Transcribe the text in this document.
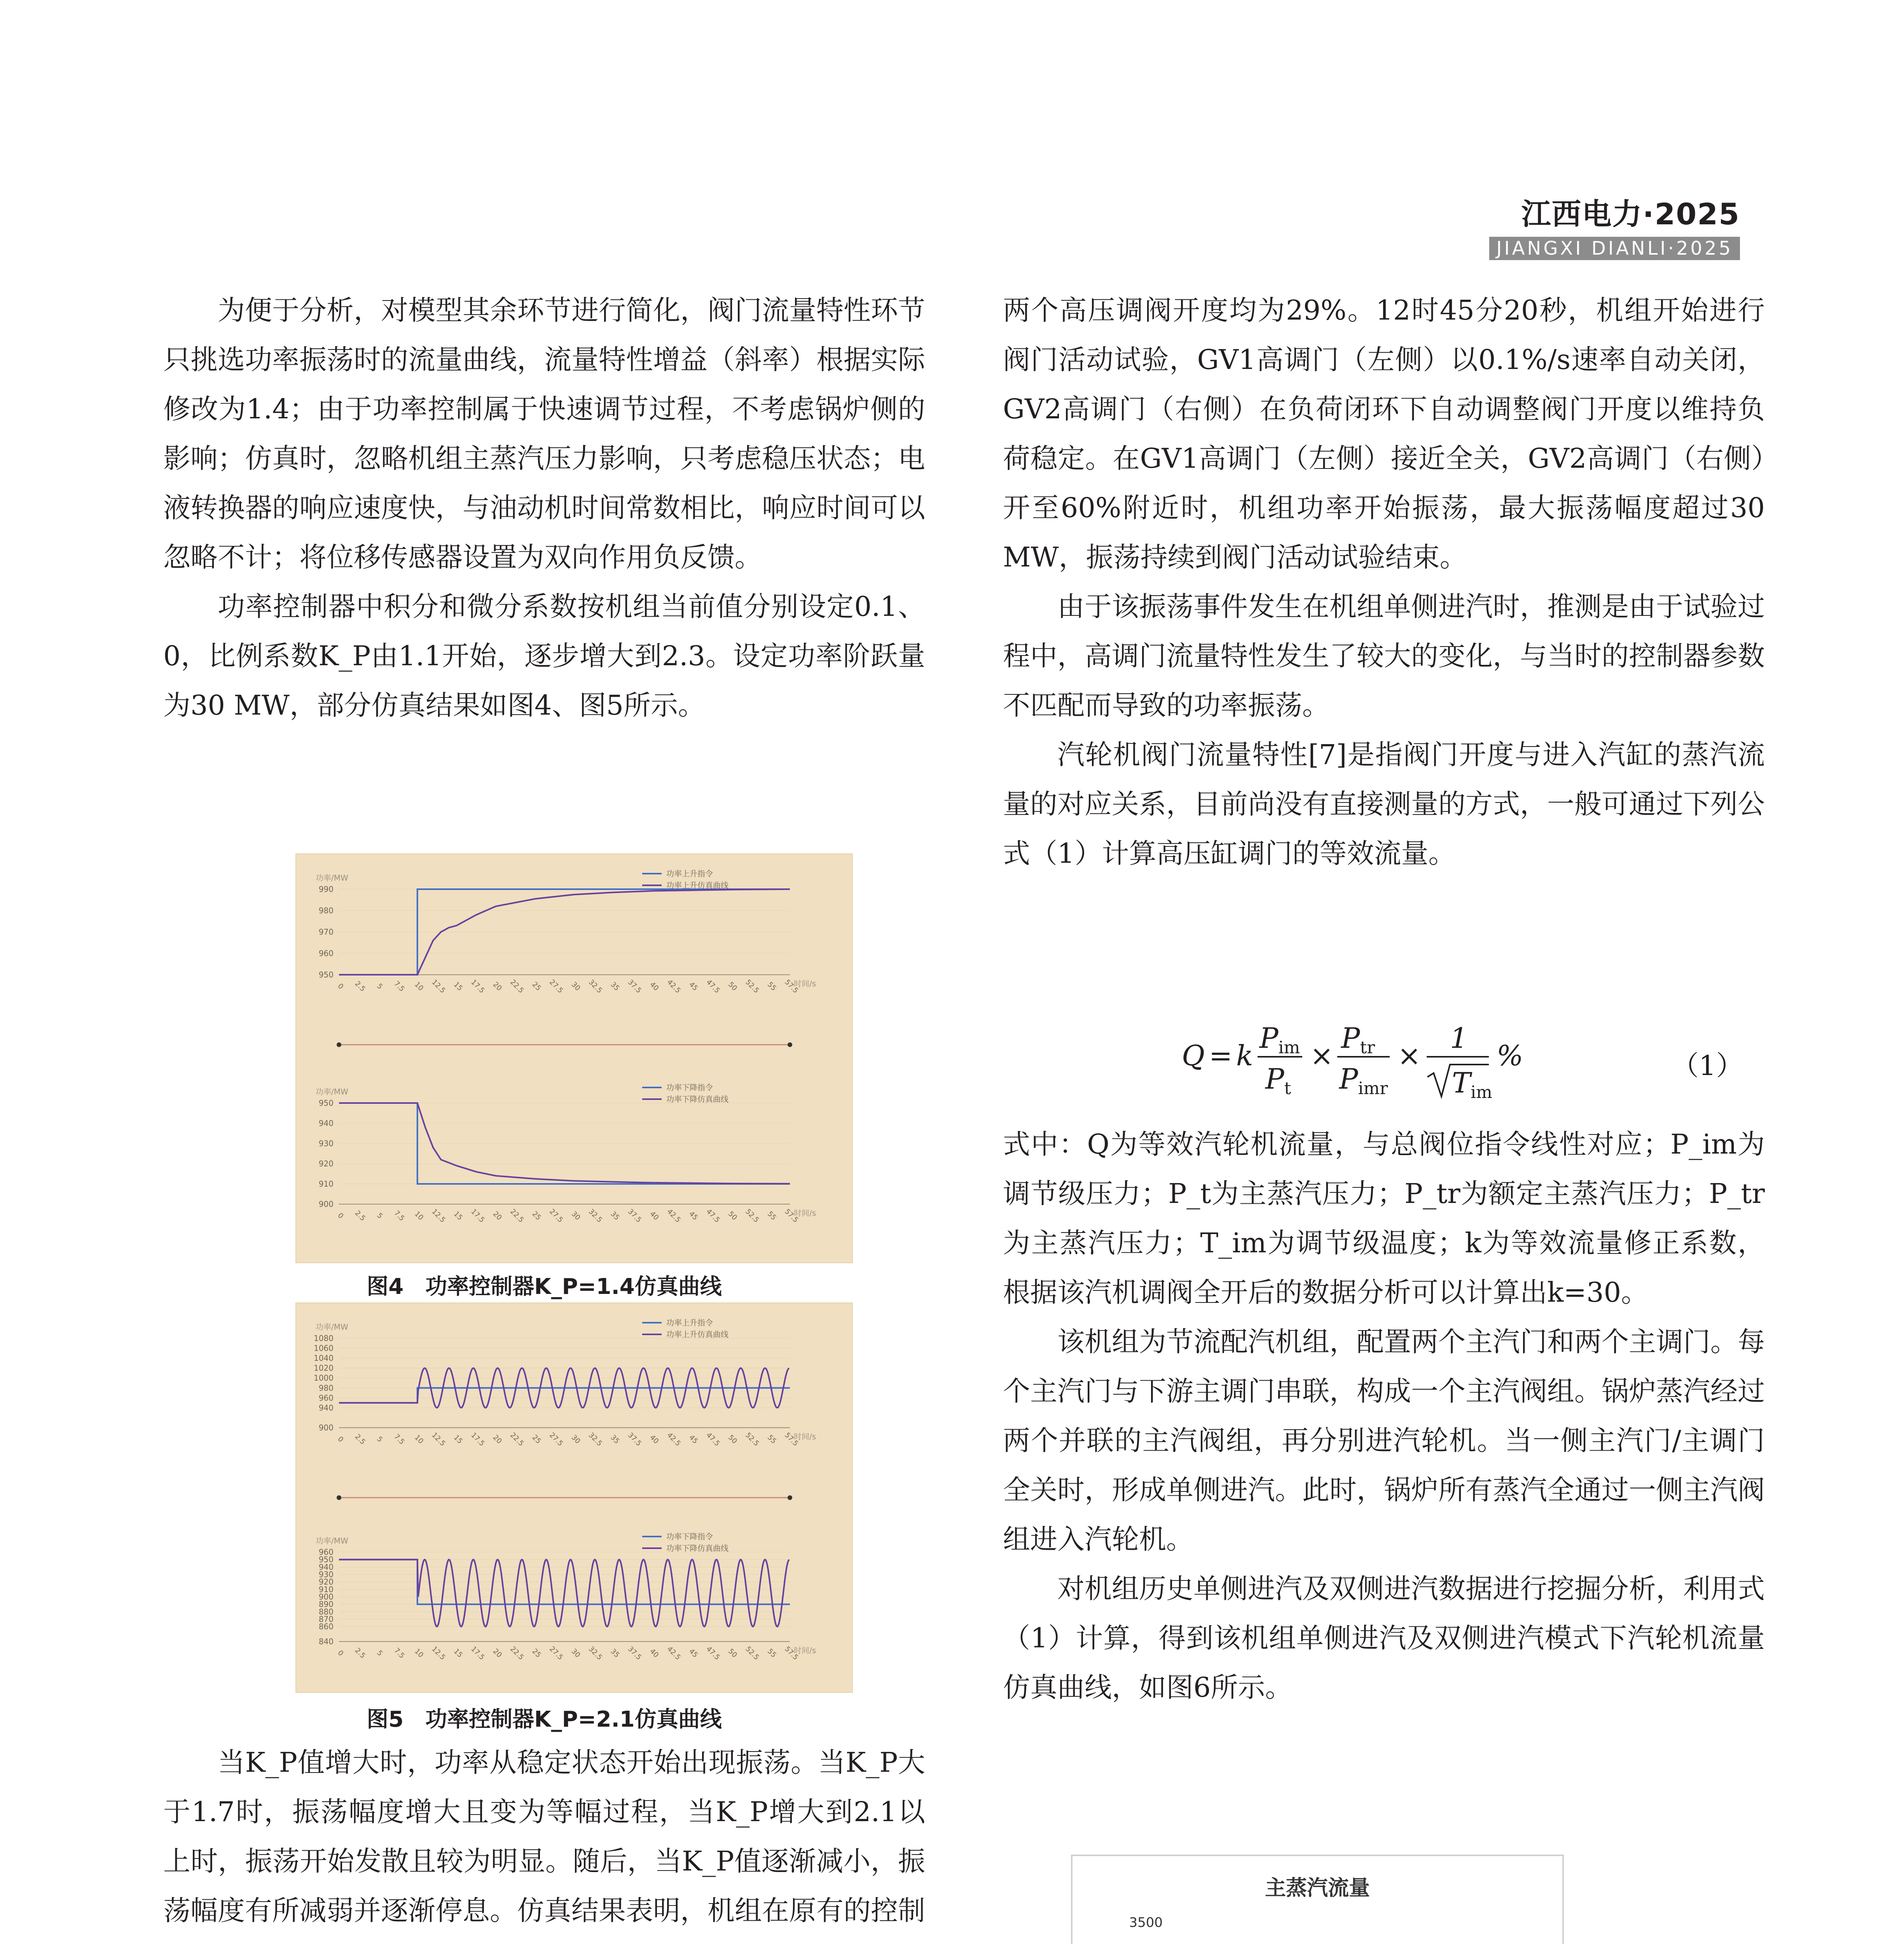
江西电力·2025
JIANGXI DIANLI·2025

为便于分析，对模型其余环节进行简化，阀门流量特性环节只挑选功率振荡时的流量曲线，流量特性增益（斜率）根据实际修改为1.4；由于功率控制属于快速调节过程，不考虑锅炉侧的影响；仿真时，忽略机组主蒸汽压力影响，只考虑稳压状态；电液转换器的响应速度快，与油动机时间常数相比，响应时间可以忽略不计；将位移传感器设置为双向作用负反馈。

功率控制器中积分和微分系数按机组当前值分别设定0.1、0，比例系数K_P由1.1开始，逐步增大到2.3。设定功率阶跃量为30 MW，部分仿真结果如图4、图5所示。

功率/MW
950
960
970
980
990
0 2.5 5 7.5 10 12.5 15 17.5 20 22.5 25 27.5 30 32.5 35 37.5 40 42.5 45 47.5 50 52.5 55 57.5
时间/s
功率上升指令
功率上升仿真曲线
功率/MW
900
910
920
930
940
950
0 2.5 5 7.5 10 12.5 15 17.5 20 22.5 25 27.5 30 32.5 35 37.5 40 42.5 45 47.5 50 52.5 55 57.5
时间/s
功率下降指令
功率下降仿真曲线
图4　功率控制器K_P=1.4仿真曲线
功率/MW
900
940
960
980
1000
1020
1040
1060
1080
0 2.5 5 7.5 10 12.5 15 17.5 20 22.5 25 27.5 30 32.5 35 37.5 40 42.5 45 47.5 50 52.5 55 57.5
时间/s
功率上升指令
功率上升仿真曲线
功率/MW
840
860
870
880
890
900
910
920
930
940
950
960
0 2.5 5 7.5 10 12.5 15 17.5 20 22.5 25 27.5 30 32.5 35 37.5 40 42.5 45 47.5 50 52.5 55 57.5
时间/s
功率下降指令
功率下降仿真曲线
图5　功率控制器K_P=2.1仿真曲线

当K_P值增大时，功率从稳定状态开始出现振荡。当K_P大于1.7时，振荡幅度增大且变为等幅过程，当K_P增大到2.1以上时，振荡开始发散且较为明显。随后，当K_P值逐渐减小，振荡幅度有所减弱并逐渐停息。仿真结果表明，机组在原有的控制

两个高压调阀开度均为29%。12时45分20秒，机组开始进行阀门活动试验，GV1高调门（左侧）以0.1%/s速率自动关闭，GV2高调门（右侧）在负荷闭环下自动调整阀门开度以维持负荷稳定。在GV1高调门（左侧）接近全关，GV2高调门（右侧）开至60%附近时，机组功率开始振荡，最大振荡幅度超过30 MW，振荡持续到阀门活动试验结束。

由于该振荡事件发生在机组单侧进汽时，推测是由于试验过程中，高调门流量特性发生了较大的变化，与当时的控制器参数不匹配而导致的功率振荡。

汽轮机阀门流量特性[7]是指阀门开度与进入汽缸的蒸汽流量的对应关系，目前尚没有直接测量的方式，一般可通过下列公式（1）计算高压缸调门的等效流量。

Q = k
Pim
Pt
×
Ptr
Pimr
×
1
Tim
%	（1）

式中：Q为等效汽轮机流量，与总阀位指令线性对应；P_im为调节级压力；P_t为主蒸汽压力；P_tr为额定主蒸汽压力；P_tr为主蒸汽压力；T_im为调节级温度；k为等效流量修正系数，根据该汽机调阀全开后的数据分析可以计算出k=30。

该机组为节流配汽机组，配置两个主汽门和两个主调门。每个主汽门与下游主调门串联，构成一个主汽阀组。锅炉蒸汽经过两个并联的主汽阀组，再分别进汽轮机。当一侧主汽门/主调门全关时，形成单侧进汽。此时，锅炉所有蒸汽全通过一侧主汽阀组进入汽轮机。

对机组历史单侧进汽及双侧进汽数据进行挖掘分析，利用式（1）计算，得到该机组单侧进汽及双侧进汽模式下汽轮机流量仿真曲线，如图6所示。

主蒸汽流量
3500
